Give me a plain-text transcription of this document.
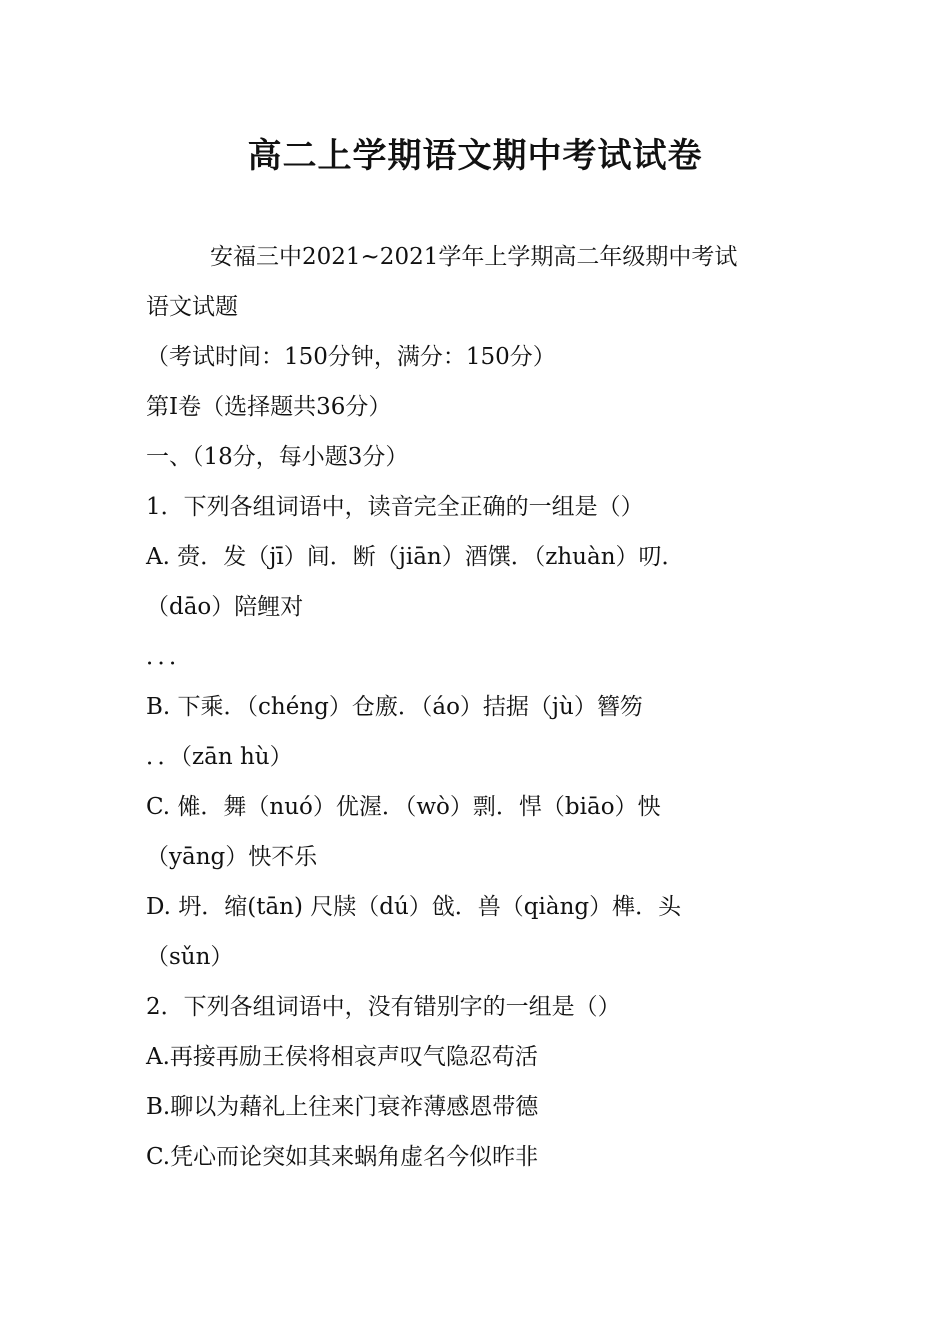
高二上学期语文期中考试试卷
安福三中2021~2021学年上学期高二年级期中考试
语文试题
（考试时间：150分钟，满分：150分）
第Ⅰ卷（选择题共36分）
一、（18分，每小题3分）
1．下列各组词语中，读音完全正确的一组是（）
A. 赍．发（jī）间．断（jiān）酒馔．（zhuàn）叨．
（dāo）陪鲤对
．．．
B. 下乘．（chéng）仓廒．（áo）拮据（jù）簪笏
．．（zān hù）
C. 傩．舞（nuó）优渥．（wò）剽．悍（biāo）怏
（yāng）怏不乐
D. 坍．缩(tān) 尺牍（dú）戗．兽（qiàng）榫．头
（sǔn）
2．下列各组词语中，没有错别字的一组是（）
A.再接再励王侯将相哀声叹气隐忍苟活
B.聊以为藉礼上往来门衰祚薄感恩带德
C.凭心而论突如其来蜗角虚名今似昨非
